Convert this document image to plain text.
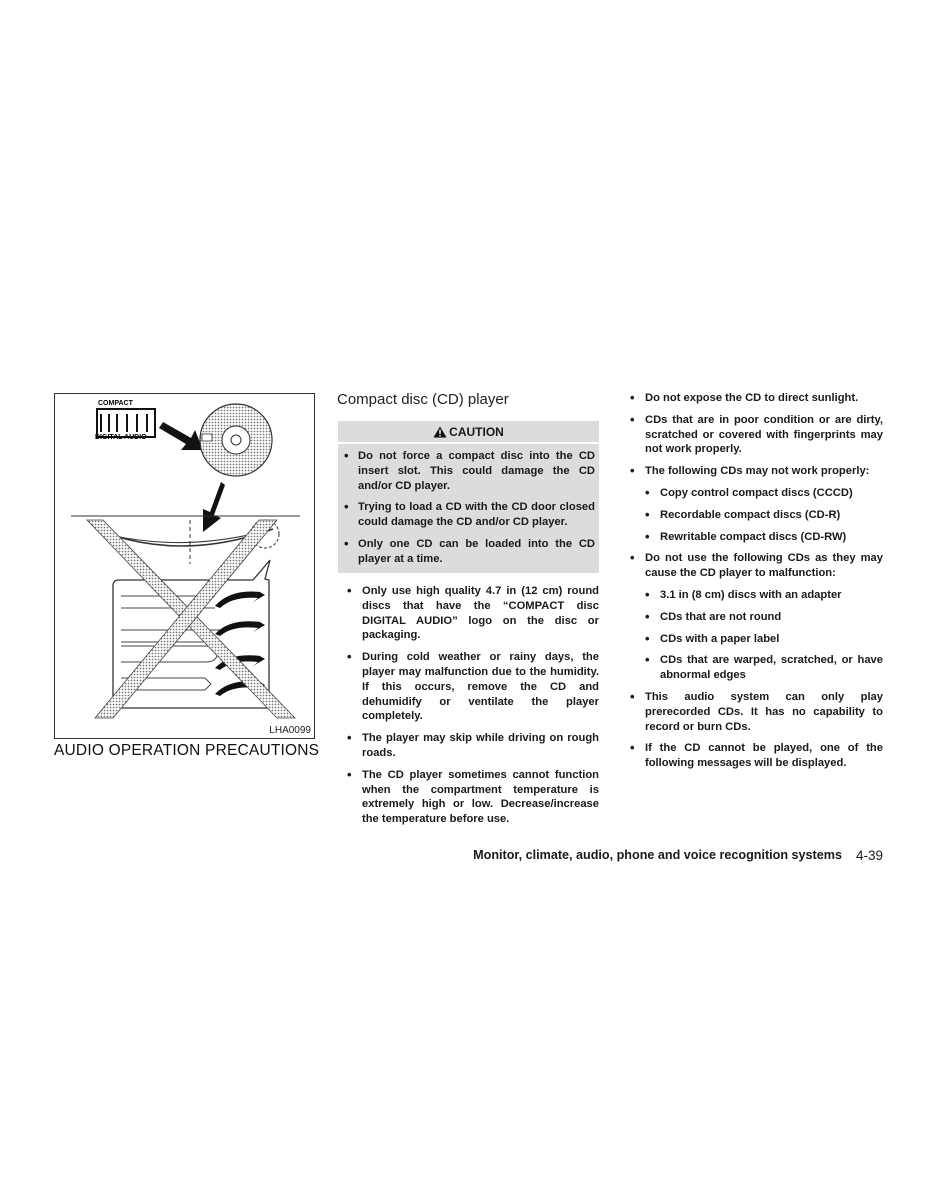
COMPACT
DIGITAL AUDIO
LHA0099
AUDIO OPERATION PRECAUTIONS
Compact disc (CD) player
CAUTION
• Do not force a compact disc into the CD insert slot. This could damage the CD and/or CD player.
• Trying to load a CD with the CD door closed could damage the CD and/or CD player.
• Only one CD can be loaded into the CD player at a time.
• Only use high quality 4.7 in (12 cm) round discs that have the “COMPACT disc DIGITAL AUDIO” logo on the disc or packaging.
• During cold weather or rainy days, the player may malfunction due to the humidity. If this occurs, remove the CD and dehumidify or ventilate the player completely.
• The player may skip while driving on rough roads.
• The CD player sometimes cannot function when the compartment temperature is extremely high or low. Decrease/increase the temperature before use.
• Do not expose the CD to direct sunlight.
• CDs that are in poor condition or are dirty, scratched or covered with fingerprints may not work properly.
• The following CDs may not work properly:
• Copy control compact discs (CCCD)
• Recordable compact discs (CD-R)
• Rewritable compact discs (CD-RW)
• Do not use the following CDs as they may cause the CD player to malfunction:
• 3.1 in (8 cm) discs with an adapter
• CDs that are not round
• CDs with a paper label
• CDs that are warped, scratched, or have abnormal edges
• This audio system can only play prerecorded CDs. It has no capability to record or burn CDs.
• If the CD cannot be played, one of the following messages will be displayed.
Monitor, climate, audio, phone and voice recognition systems 4-39
